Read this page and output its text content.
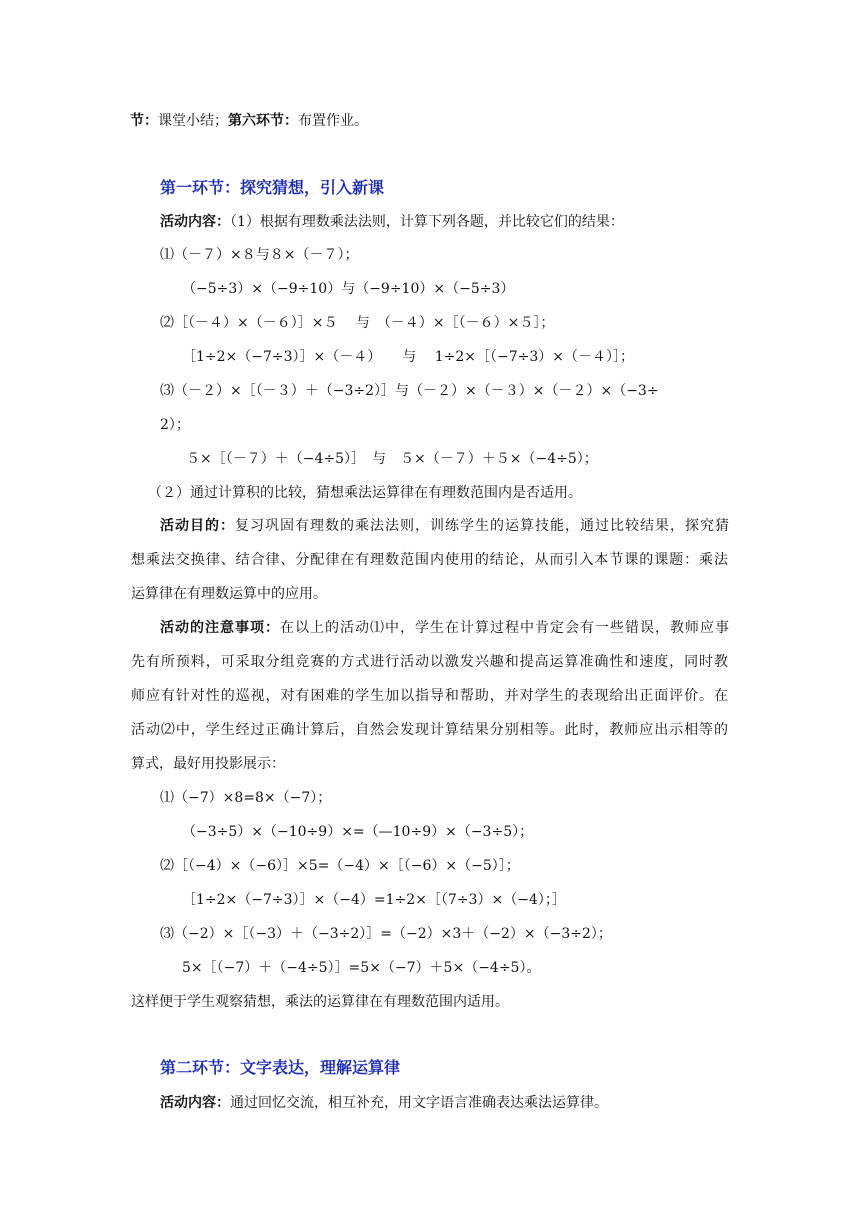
节：课堂小结；第六环节：布置作业。
第一环节：探究猜想，引入新课
活动内容：（1）根据有理数乘法法则，计算下列各题，并比较它们的结果：
⑴（－７）×８与８×（－７）；
（−5÷3）×（−9÷10）与（−9÷10）×（−5÷3）
⑵［（－４）×（－６）］×５　 与　（－４）×［（－６）×５］；
［1÷2×（−7÷3）］×（－４）　　与　 1÷2×［（−7÷3）×（－４）］；
⑶（－２）×［（－３）＋（−3÷2）］与（－２）×（－３）×（－２）×（−3÷
2）；
５×［（－７）＋（−4÷5）］　与　５×（－７）＋５×（−4÷5）；
（２）通过计算积的比较，猜想乘法运算律在有理数范围内是否适用。
活动目的：复习巩固有理数的乘法法则，训练学生的运算技能，通过比较结果，探究猜
想乘法交换律、结合律、分配律在有理数范围内使用的结论，从而引入本节课的课题：乘法
运算律在有理数运算中的应用。
活动的注意事项：在以上的活动⑴中，学生在计算过程中肯定会有一些错误，教师应事
先有所预料，可采取分组竞赛的方式进行活动以激发兴趣和提高运算准确性和速度，同时教
师应有针对性的巡视，对有困难的学生加以指导和帮助，并对学生的表现给出正面评价。在
活动⑵中，学生经过正确计算后，自然会发现计算结果分别相等。此时，教师应出示相等的
算式，最好用投影展示：
⑴（−7）×8=8×（−7）；
（−3÷5）×（−10÷9）×=（—10÷9）×（−3÷5）；
⑵［（−4）×（−6）］×5=（−4）×［（−6）×（−5）］；
［1÷2×（−7÷3）］×（−4）=1÷2×［（7÷3）×（−4）；］
⑶（−2）×［（−3）＋（−3÷2）］=（−2）×3＋（−2）×（−3÷2）；
5×［（−7）＋（−4÷5）］=5×（−7）＋5×（−4÷5）。
这样便于学生观察猜想，乘法的运算律在有理数范围内适用。
第二环节：文字表达，理解运算律
活动内容：通过回忆交流，相互补充，用文字语言准确表达乘法运算律。
